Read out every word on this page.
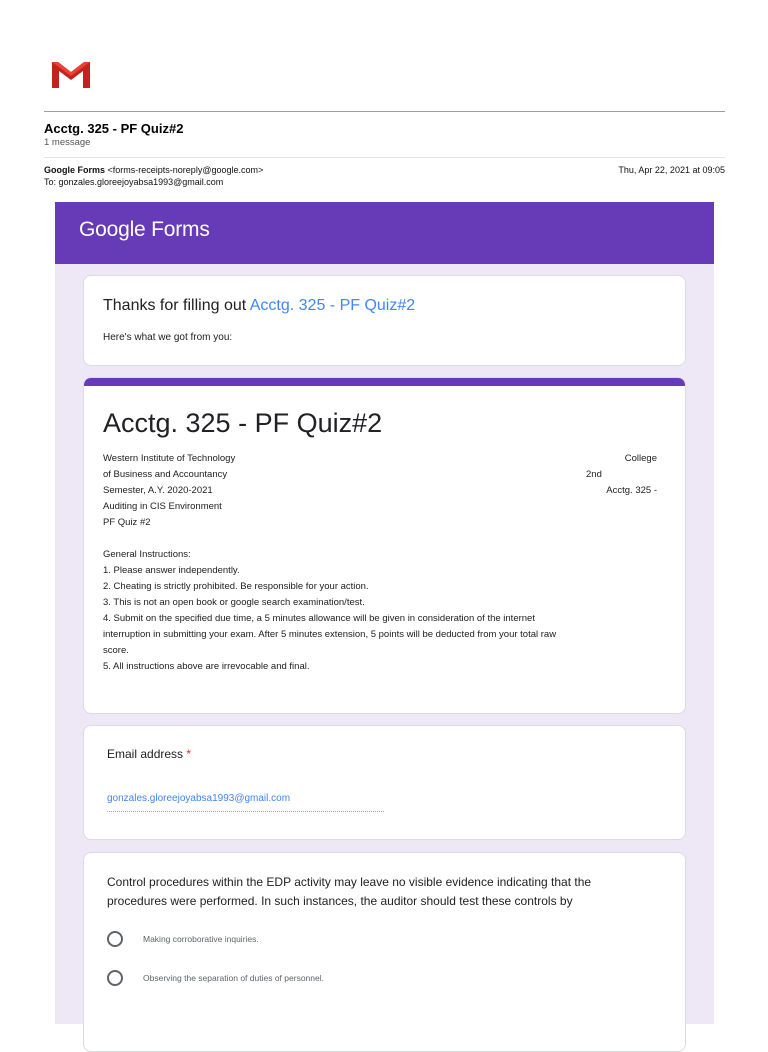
Acctg. 325 - PF Quiz#2
1 message
Google Forms <forms-receipts-noreply@google.com>
To: gonzales.gloreejoyabsa1993@gmail.com
Thu, Apr 22, 2021 at 09:05
Google Forms
Thanks for filling out Acctg. 325 - PF Quiz#2
Here's what we got from you:
Acctg. 325 - PF Quiz#2
Western Institute of Technology	College
of Business and Accountancy	2nd
Semester, A.Y. 2020-2021	Acctg. 325 -
Auditing in CIS Environment
PF Quiz #2
General Instructions:
1. Please answer independently.
2. Cheating is strictly prohibited. Be responsible for your action.
3. This is not an open book or google search examination/test.
4. Submit on the specified due time, a 5 minutes allowance will be given in consideration of the internet
interruption in submitting your exam. After 5 minutes extension, 5 points will be deducted from your total raw
score.
5. All instructions above are irrevocable and final.
Email address *
gonzales.gloreejoyabsa1993@gmail.com
Control procedures within the EDP activity may leave no visible evidence indicating that the
procedures were performed. In such instances, the auditor should test these controls by
Making corroborative inquiries.
Observing the separation of duties of personnel.
